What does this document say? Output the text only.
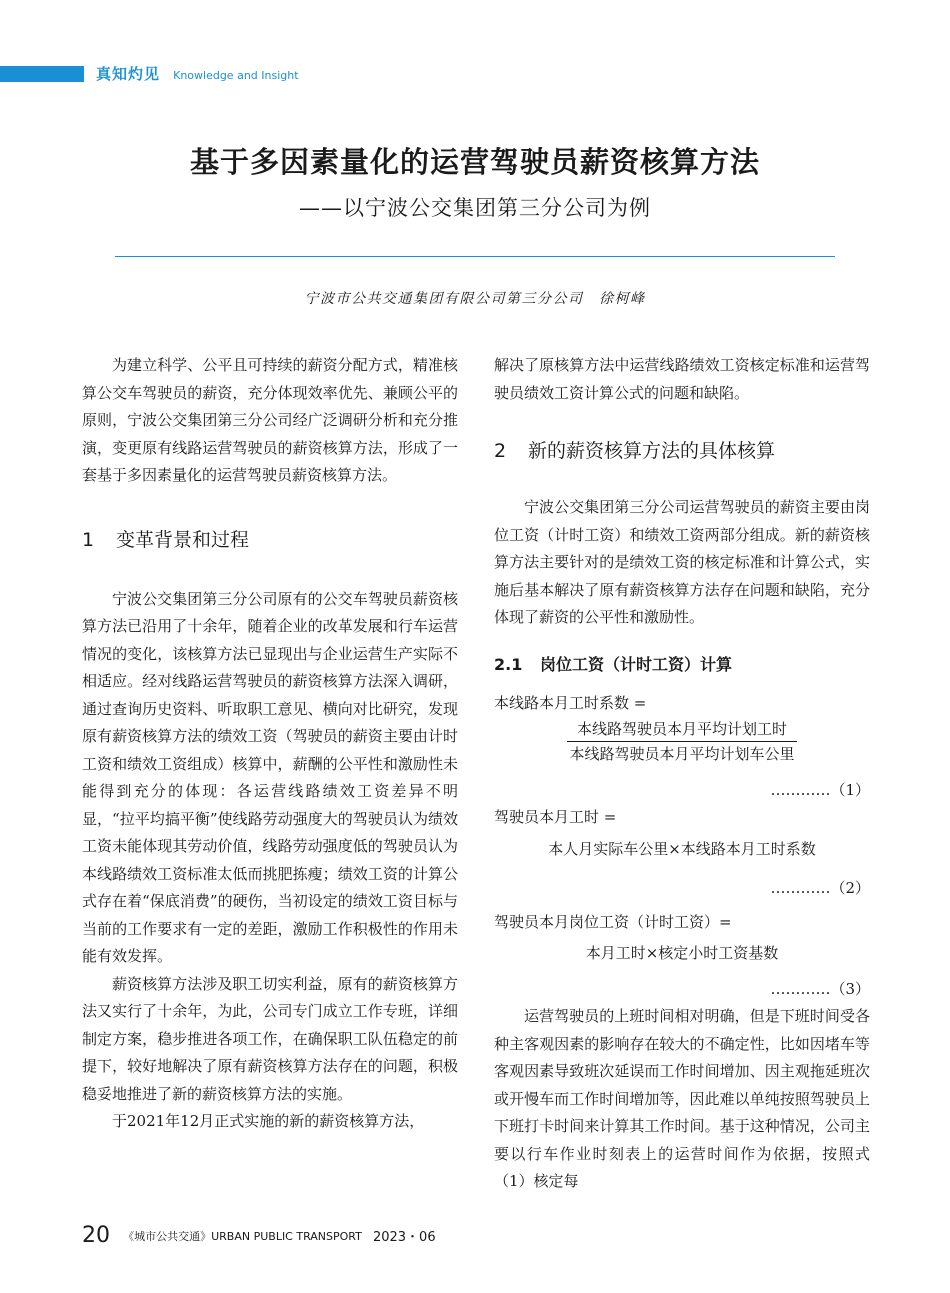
真知灼见 Knowledge and Insight
基于多因素量化的运营驾驶员薪资核算方法
——以宁波公交集团第三分公司为例
宁波市公共交通集团有限公司第三分公司　徐柯峰

为建立科学、公平且可持续的薪资分配方式，精准核算公交车驾驶员的薪资，充分体现效率优先、兼顾公平的原则，宁波公交集团第三分公司经广泛调研分析和充分推演，变更原有线路运营驾驶员的薪资核算方法，形成了一套基于多因素量化的运营驾驶员薪资核算方法。

1 变革背景和过程

宁波公交集团第三分公司原有的公交车驾驶员薪资核算方法已沿用了十余年，随着企业的改革发展和行车运营情况的变化，该核算方法已显现出与企业运营生产实际不相适应。经对线路运营驾驶员的薪资核算方法深入调研，通过查询历史资料、听取职工意见、横向对比研究，发现原有薪资核算方法的绩效工资（驾驶员的薪资主要由计时工资和绩效工资组成）核算中，薪酬的公平性和激励性未能得到充分的体现：各运营线路绩效工资差异不明显，“拉平均搞平衡”使线路劳动强度大的驾驶员认为绩效工资未能体现其劳动价值，线路劳动强度低的驾驶员认为本线路绩效工资标准太低而挑肥拣瘦；绩效工资的计算公式存在着“保底消费”的硬伤，当初设定的绩效工资目标与当前的工作要求有一定的差距，激励工作积极性的作用未能有效发挥。

薪资核算方法涉及职工切实利益，原有的薪资核算方法又实行了十余年，为此，公司专门成立工作专班，详细制定方案，稳步推进各项工作，在确保职工队伍稳定的前提下，较好地解决了原有薪资核算方法存在的问题，积极稳妥地推进了新的薪资核算方法的实施。

于2021年12月正式实施的新的薪资核算方法，

解决了原核算方法中运营线路绩效工资核定标准和运营驾驶员绩效工资计算公式的问题和缺陷。

2 新的薪资核算方法的具体核算

宁波公交集团第三分公司运营驾驶员的薪资主要由岗位工资（计时工资）和绩效工资两部分组成。新的薪资核算方法主要针对的是绩效工资的核定标准和计算公式，实施后基本解决了原有薪资核算方法存在问题和缺陷，充分体现了薪资的公平性和激励性。

2.1 岗位工资（计时工资）计算

本线路本月工时系数 =

$\frac{\text{本线路驾驶员本月平均计划工时}}{\text{本线路驾驶员本月平均计划车公里}}$
…………（1）

驾驶员本月工时 =

本人月实际车公里×本线路本月工时系数
…………（2）

驾驶员本月岗位工资（计时工资）=

本月工时×核定小时工资基数
…………（3）

运营驾驶员的上班时间相对明确，但是下班时间受各种主客观因素的影响存在较大的不确定性，比如因堵车等客观因素导致班次延误而工作时间增加、因主观拖延班次或开慢车而工作时间增加等，因此难以单纯按照驾驶员上下班打卡时间来计算其工作时间。基于这种情况，公司主要以行车作业时刻表上的运营时间作为依据，按照式（1）核定每

20 《城市公共交通》URBAN PUBLIC TRANSPORT 2023・06
